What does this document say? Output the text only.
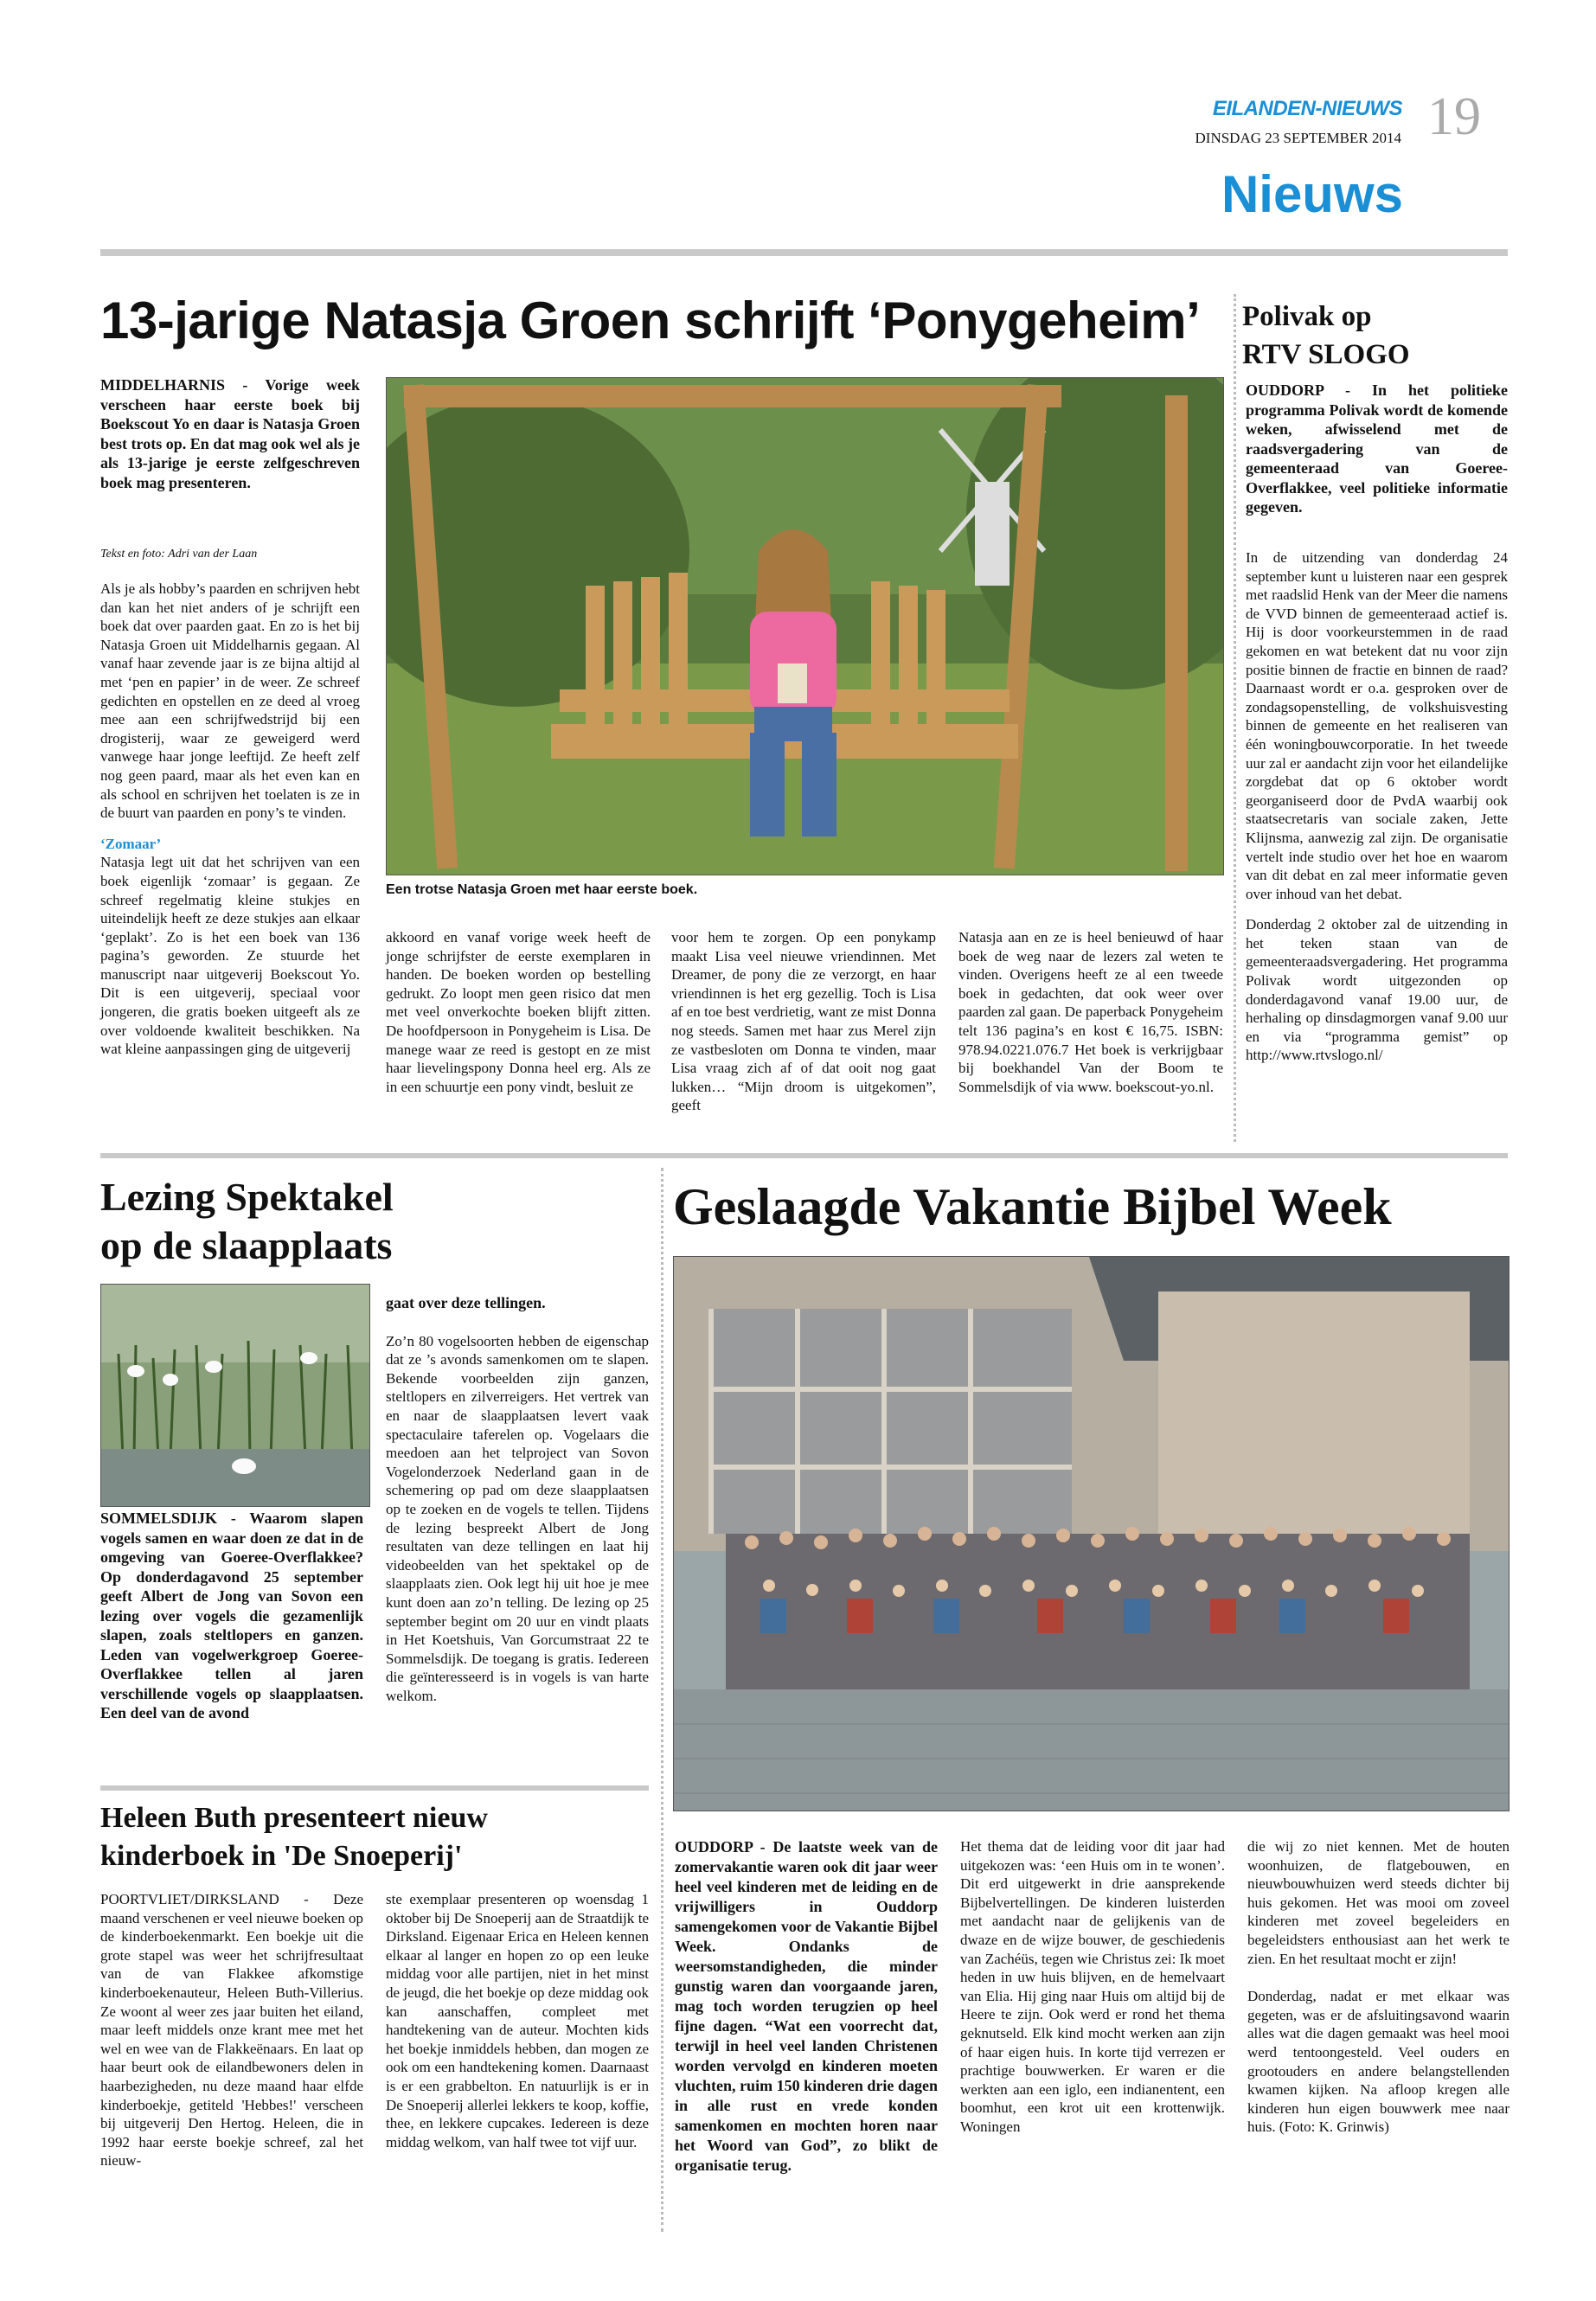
EILANDEN-NIEUWS
DINSDAG 23 SEPTEMBER 2014 19
Nieuws
13-jarige Natasja Groen schrijft ‘Ponygeheim’
MIDDELHARNIS - Vorige week verscheen haar eerste boek bij Boekscout Yo en daar is Natasja Groen best trots op. En dat mag ook wel als je als 13-jarige je eerste zelfgeschreven boek mag presenteren.
Tekst en foto: Adri van der Laan

Als je als hobby’s paarden en schrijven hebt dan kan het niet anders of je schrijft een boek dat over paarden gaat. En zo is het bij Natasja Groen uit Middelharnis gegaan. Al vanaf haar zevende jaar is ze bijna altijd al met ‘pen en papier’ in de weer. Ze schreef gedichten en opstellen en ze deed al vroeg mee aan een schrijfwedstrijd bij een drogisterij, waar ze geweigerd werd vanwege haar jonge leeftijd. Ze heeft zelf nog geen paard, maar als het even kan en als school en schrijven het toelaten is ze in de buurt van paarden en pony’s te vinden.

‘Zomaar’

Natasja legt uit dat het schrijven van een boek eigenlijk ‘zomaar’ is gegaan. Ze schreef regelmatig kleine stukjes en uiteindelijk heeft ze deze stukjes aan elkaar ‘geplakt’. Zo is het een boek van 136 pagina’s geworden. Ze stuurde het manuscript naar uitgeverij Boekscout Yo. Dit is een uitgeverij, speciaal voor jongeren, die gratis boeken uitgeeft als ze over voldoende kwaliteit beschikken. Na wat kleine aanpassingen ging de uitgeverij

Een trotse Natasja Groen met haar eerste boek.
akkoord en vanaf vorige week heeft de jonge schrijfster de eerste exemplaren in handen. De boeken worden op bestelling gedrukt. Zo loopt men geen risico dat men met veel onverkochte boeken blijft zitten. De hoofdpersoon in Ponygeheim is Lisa. De manege waar ze reed is gestopt en ze mist haar lievelingspony Donna heel erg. Als ze in een schuurtje een pony vindt, besluit ze
voor hem te zorgen. Op een ponykamp maakt Lisa veel nieuwe vriendinnen. Met Dreamer, de pony die ze verzorgt, en haar vriendinnen is het erg gezellig. Toch is Lisa af en toe best verdrietig, want ze mist Donna nog steeds. Samen met haar zus Merel zijn ze vastbesloten om Donna te vinden, maar Lisa vraag zich af of dat ooit nog gaat lukken… “Mijn droom is uitgekomen”, geeft
Natasja aan en ze is heel benieuwd of haar boek de weg naar de lezers zal weten te vinden. Overigens heeft ze al een tweede boek in gedachten, dat ook weer over paarden zal gaan. De paperback Ponygeheim telt 136 pagina’s en kost € 16,75. ISBN: 978.94.0221.076.7 Het boek is verkrijgbaar bij boekhandel Van der Boom te Sommelsdijk of via www. boekscout-yo.nl.
Polivak op
RTV SLOGO
OUDDORP - In het politieke programma Polivak wordt de komende weken, afwisselend met de raadsvergadering van de gemeenteraad van Goeree-Overflakkee, veel politieke informatie gegeven.

In de uitzending van donderdag 24 september kunt u luisteren naar een gesprek met raadslid Henk van der Meer die namens de VVD binnen de gemeenteraad actief is. Hij is door voorkeurstemmen in de raad gekomen en wat betekent dat nu voor zijn positie binnen de fractie en binnen de raad? Daarnaast wordt er o.a. gesproken over de zondagsopenstelling, de volkshuisvesting binnen de gemeente en het realiseren van één woningbouwcorporatie. In het tweede uur zal er aandacht zijn voor het eilandelijke zorgdebat dat op 6 oktober wordt georganiseerd door de PvdA waarbij ook staatsecretaris van sociale zaken, Jette Klijnsma, aanwezig zal zijn. De organisatie vertelt inde studio over het hoe en waarom van dit debat en zal meer informatie geven over inhoud van het debat.

Donderdag 2 oktober zal de uitzending in het teken staan van de gemeenteraadsvergadering. Het programma Polivak wordt uitgezonden op donderdagavond vanaf 19.00 uur, de herhaling op dinsdagmorgen vanaf 9.00 uur en via “programma gemist” op http://www.rtvslogo.nl/

Lezing Spektakel
op de slaapplaats
SOMMELSDIJK - Waarom slapen vogels samen en waar doen ze dat in de omgeving van Goeree-Overflakkee? Op donderdagavond 25 september geeft Albert de Jong van Sovon een lezing over vogels die gezamenlijk slapen, zoals steltlopers en ganzen. Leden van vogelwerkgroep Goeree-Overflakkee tellen al jaren verschillende vogels op slaapplaatsen. Een deel van de avond

gaat over deze tellingen.

Zo’n 80 vogelsoorten hebben de eigenschap dat ze ’s avonds samenkomen om te slapen. Bekende voorbeelden zijn ganzen, steltlopers en zilverreigers. Het vertrek van en naar de slaapplaatsen levert vaak spectaculaire taferelen op. Vogelaars die meedoen aan het telproject van Sovon Vogelonderzoek Nederland gaan in de schemering op pad om deze slaapplaatsen op te zoeken en de vogels te tellen. Tijdens de lezing bespreekt Albert de Jong resultaten van deze tellingen en laat hij videobeelden van het spektakel op de slaapplaats zien. Ook legt hij uit hoe je mee kunt doen aan zo’n telling. De lezing op 25 september begint om 20 uur en vindt plaats in Het Koetshuis, Van Gorcumstraat 22 te Sommelsdijk. De toegang is gratis. Iedereen die geïnteresseerd is in vogels is van harte welkom.

Heleen Buth presenteert nieuw
kinderboek in 'De Snoeperij'
POORTVLIET/DIRKSLAND - Deze maand verschenen er veel nieuwe boeken op de kinderboekenmarkt. Een boekje uit die grote stapel was weer het schrijfresultaat van de van Flakkee afkomstige kinderboekenauteur, Heleen Buth-Villerius. Ze woont al weer zes jaar buiten het eiland, maar leeft middels onze krant mee met het wel en wee van de Flakkeënaars. En laat op haar beurt ook de eilandbewoners delen in haarbezigheden, nu deze maand haar elfde kinderboekje, getiteld 'Hebbes!' verscheen bij uitgeverij Den Hertog. Heleen, die in 1992 haar eerste boekje schreef, zal het nieuw-
ste exemplaar presenteren op woensdag 1 oktober bij De Snoeperij aan de Straatdijk te Dirksland. Eigenaar Erica en Heleen kennen elkaar al langer en hopen zo op een leuke middag voor alle partijen, niet in het minst de jeugd, die het boekje op deze middag ook kan aanschaffen, compleet met handtekening van de auteur. Mochten kids het boekje inmiddels hebben, dan mogen ze ook om een handtekening komen. Daarnaast is er een grabbelton. En natuurlijk is er in De Snoeperij allerlei lekkers te koop, koffie, thee, en lekkere cupcakes. Iedereen is deze middag welkom, van half twee tot vijf uur.
Geslaagde Vakantie Bijbel Week
OUDDORP - De laatste week van de zomervakantie waren ook dit jaar weer heel veel kinderen met de leiding en de vrijwilligers in Ouddorp samengekomen voor de Vakantie Bijbel Week. Ondanks de weersomstandigheden, die minder gunstig waren dan voorgaande jaren, mag toch worden terugzien op heel fijne dagen. “Wat een voorrecht dat, terwijl in heel veel landen Christenen worden vervolgd en kinderen moeten vluchten, ruim 150 kinderen drie dagen in alle rust en vrede konden samenkomen en mochten horen naar het Woord van God”, zo blikt de organisatie terug.
Het thema dat de leiding voor dit jaar had uitgekozen was: ‘een Huis om in te wonen’. Dit erd uitgewerkt in drie aansprekende Bijbelvertellingen. De kinderen luisterden met aandacht naar de gelijkenis van de dwaze en de wijze bouwer, de geschiedenis van Zachéüs, tegen wie Christus zei: Ik moet heden in uw huis blijven, en de hemelvaart van Elia. Hij ging naar Huis om altijd bij de Heere te zijn. Ook werd er rond het thema geknutseld. Elk kind mocht werken aan zijn of haar eigen huis. In korte tijd verrezen er prachtige bouwwerken. Er waren er die werkten aan een iglo, een indianentent, een boomhut, een krot uit een krottenwijk. Woningen

die wij zo niet kennen. Met de houten woonhuizen, de flatgebouwen, en nieuwbouwhuizen werd steeds dichter bij huis gekomen. Het was mooi om zoveel kinderen met zoveel begeleiders en begeleidsters enthousiast aan het werk te zien. En het resultaat mocht er zijn!

Donderdag, nadat er met elkaar was gegeten, was er de afsluitingsavond waarin alles wat die dagen gemaakt was heel mooi werd tentoongesteld. Veel ouders en grootouders en andere belangstellenden kwamen kijken. Na afloop kregen alle kinderen hun eigen bouwwerk mee naar huis. (Foto: K. Grinwis)
